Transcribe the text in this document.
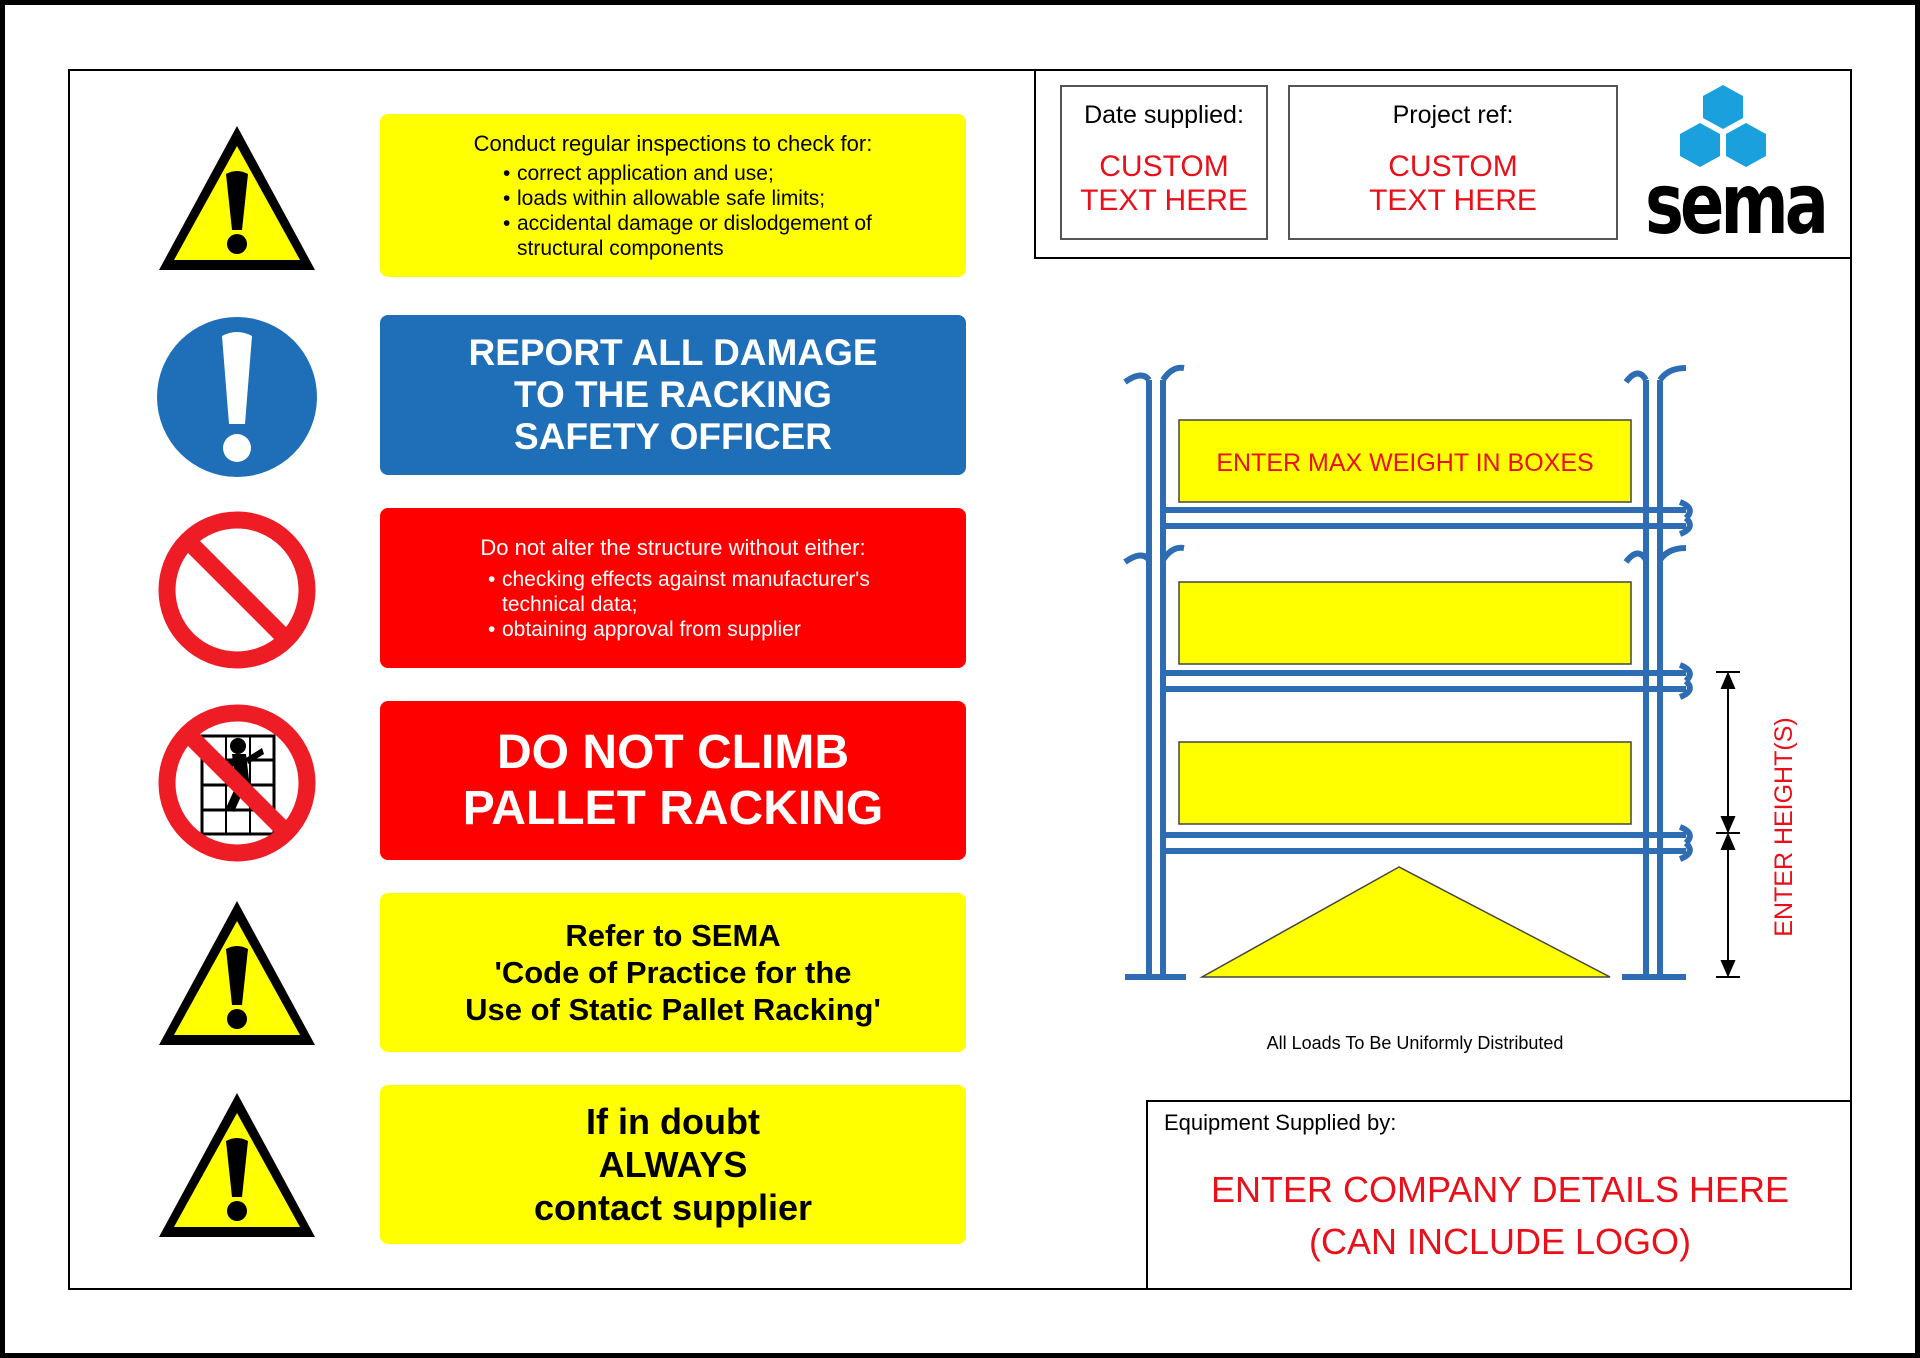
Date supplied:
CUSTOM
TEXT HERE
Project ref:
CUSTOM
TEXT HERE	sema
Conduct regular inspections to check for:
• correct application and use;
• loads within allowable safe limits;
• accidental damage or dislodgement of structural components
REPORT ALL DAMAGE
TO THE RACKING
SAFETY OFFICER
Do not alter the structure without either:
• checking effects against manufacturer's technical data;
• obtaining approval from supplier
DO NOT CLIMB
PALLET RACKING
Refer to SEMA
'Code of Practice for the
Use of Static Pallet Racking'
If in doubt
ALWAYS
contact supplier
ENTER MAX WEIGHT IN BOXES
ENTER HEIGHT(S)
All Loads To Be Uniformly Distributed
Equipment Supplied by:
ENTER COMPANY DETAILS HERE
(CAN INCLUDE LOGO)
